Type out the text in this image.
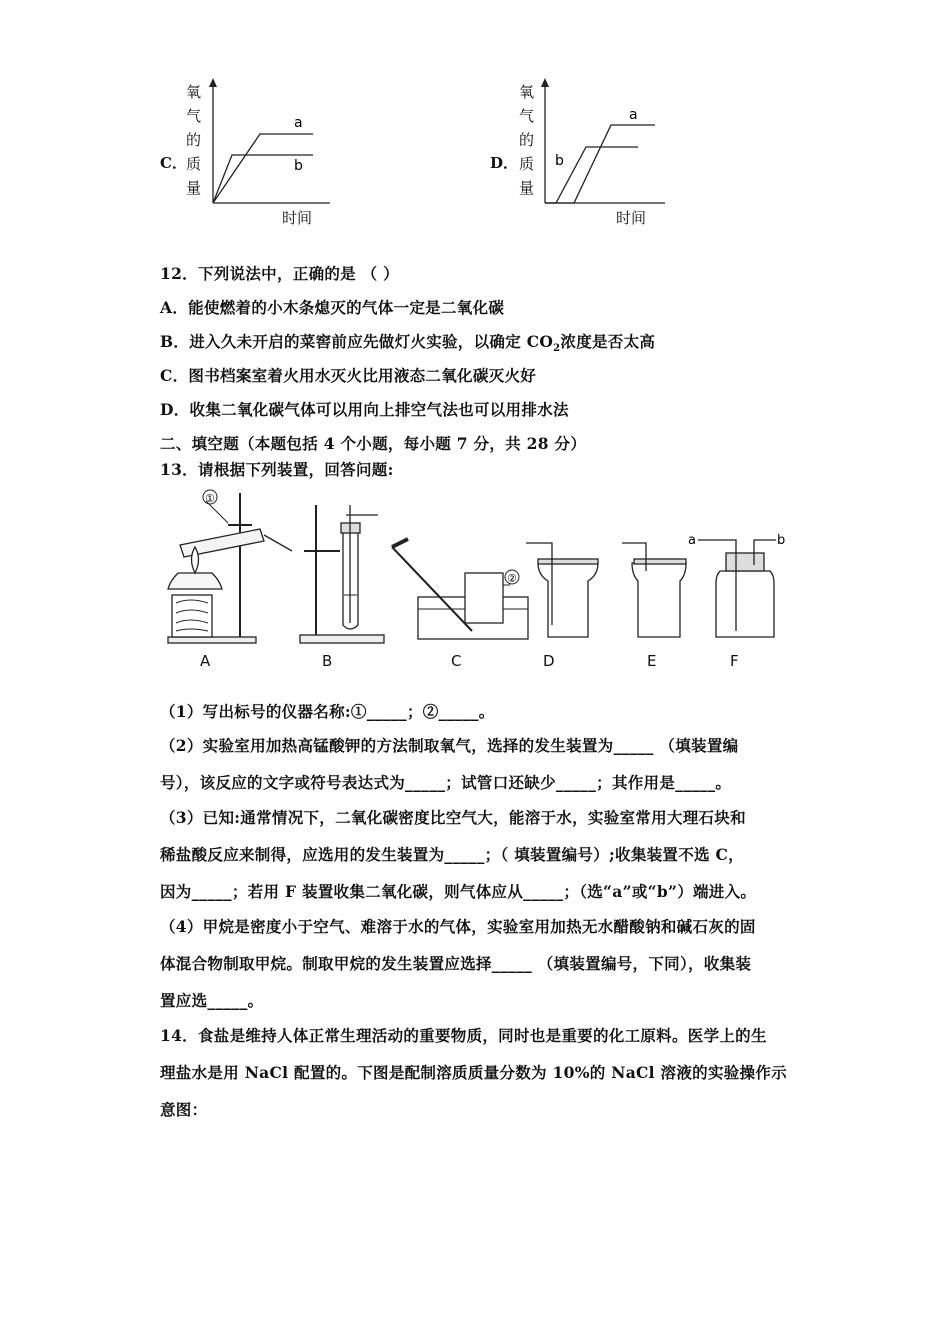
C．
氧
气
的
质
量
a
b
时间
D．
氧
气
的
质
量
a
b
时间
12．下列说法中，正确的是 （ ）
A．能使燃着的小木条熄灭的气体一定是二氧化碳
B．进入久未开启的菜窖前应先做灯火实验，以确定 $CO_2$浓度是否太高
C．图书档案室着火用水灭火比用液态二氧化碳灭火好
D．收集二氧化碳气体可以用向上排空气法也可以用排水法
二、填空题（本题包括 4 个小题，每小题 7 分，共 28 分）
13．请根据下列装置，回答问题:
①
②
a	b
A	B	C	D	E	F
（1）写出标号的仪器名称:①_____；②_____。
（2）实验室用加热高锰酸钾的方法制取氧气，选择的发生装置为_____ （填装置编
号），该反应的文字或符号表达式为_____；试管口还缺少_____；其作用是_____。
（3）已知:通常情况下，二氧化碳密度比空气大，能溶于水，实验室常用大理石块和
稀盐酸反应来制得，应选用的发生装置为_____；（ 填装置编号）;收集装置不选 C，
因为_____；若用 F 装置收集二氧化碳，则气体应从_____；（选“a”或“b”）端进入。
（4）甲烷是密度小于空气、难溶于水的气体，实验室用加热无水醋酸钠和碱石灰的固
体混合物制取甲烷。制取甲烷的发生装置应选择_____ （填装置编号，下同），收集装
置应选_____。
14．食盐是维持人体正常生理活动的重要物质，同时也是重要的化工原料。医学上的生
理盐水是用 NaCl 配置的。下图是配制溶质质量分数为 10%的 NaCl 溶液的实验操作示
意图：
